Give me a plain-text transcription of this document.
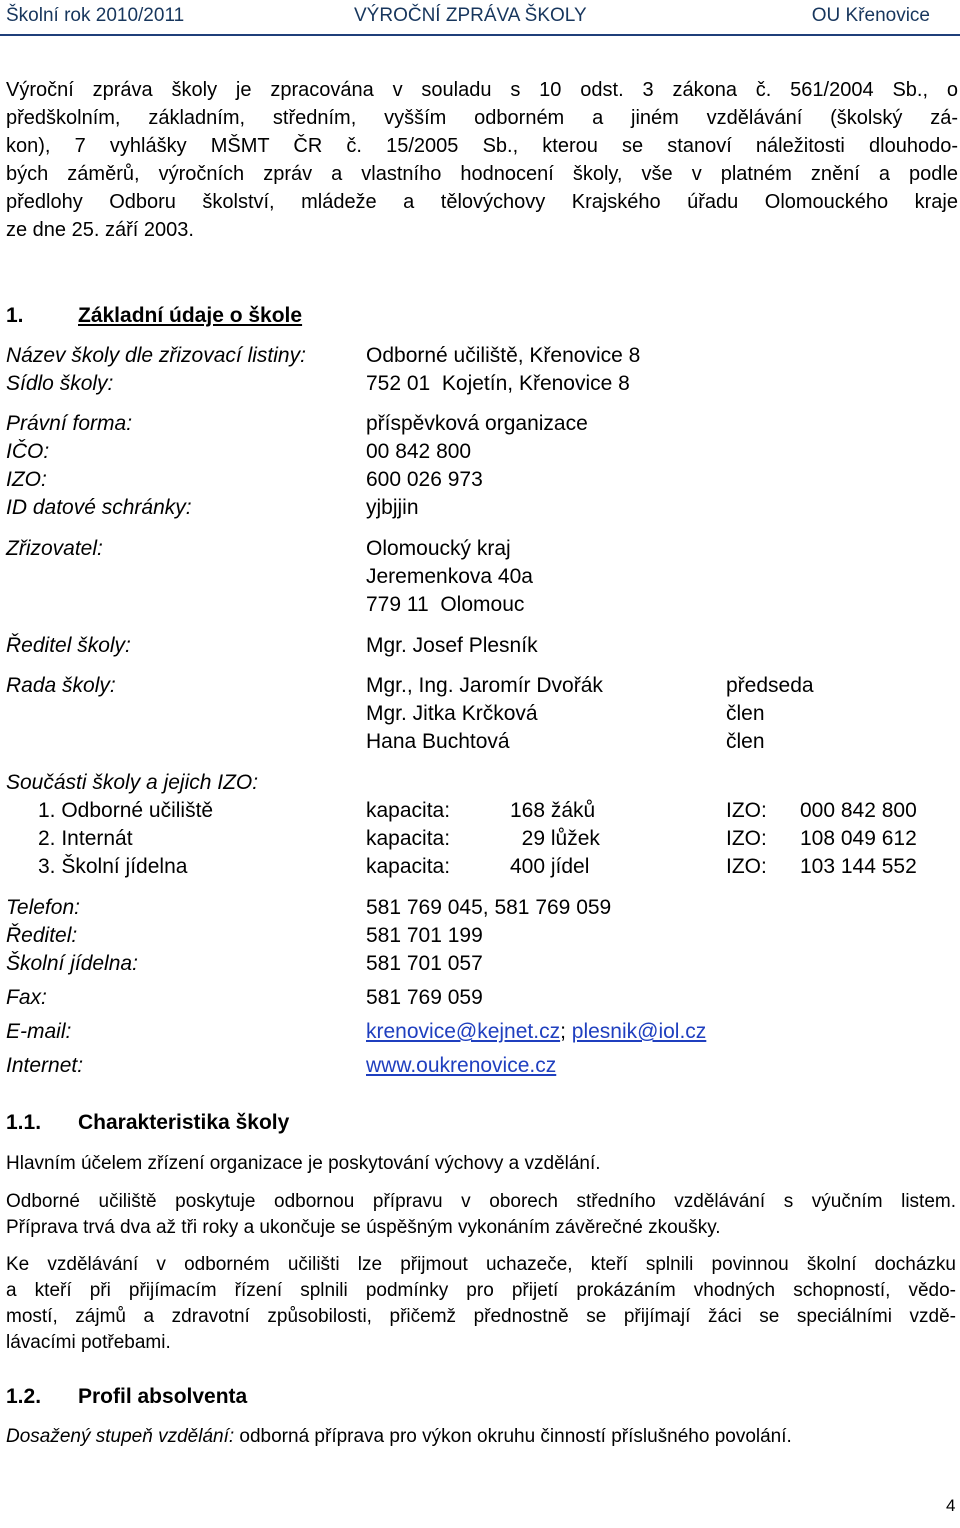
Školní rok 2010/2011	VÝROČNÍ ZPRÁVA ŠKOLY	OU Křenovice
Výroční zpráva školy je zpracována v souladu s 10 odst. 3 zákona č. 561/2004 Sb., o
předškolním, základním, středním, vyšším odborném a jiném vzdělávání (školský zá-
kon), 7 vyhlášky MŠMT ČR č. 15/2005 Sb., kterou se stanoví náležitosti dlouhodo-
bých záměrů, výročních zpráv a vlastního hodnocení školy, vše v platném znění a podle
předlohy Odboru školství, mládeže a tělovýchovy Krajského úřadu Olomouckého kraje
ze dne 25. září 2003.
1.	Základní údaje o škole
Název školy dle zřizovací listiny:	Odborné učiliště, Křenovice 8
Sídlo školy:	752 01  Kojetín, Křenovice 8
Právní forma:	příspěvková organizace
IČO:	00 842 800
IZO:	600 026 973
ID datové schránky:	yjbjjin
Zřizovatel:	Olomoucký kraj
Jeremenkova 40a
779 11  Olomouc
Ředitel školy:	Mgr. Josef Plesník
Rada školy:	Mgr., Ing. Jaromír Dvořák	předseda
Mgr. Jitka Krčková	člen
Hana Buchtová	člen
Součásti školy a jejich IZO:
1. Odborné učiliště	kapacita:	168 žáků	IZO: 000 842 800
2. Internát	kapacita:	29 lůžek	IZO: 108 049 612
3. Školní jídelna	kapacita:	400 jídel	IZO: 103 144 552
Telefon:	581 769 045, 581 769 059
Ředitel:	581 701 199
Školní jídelna:	581 701 057
Fax:	581 769 059
E-mail:	krenovice@kejnet.cz; plesnik@iol.cz
Internet:	www.oukrenovice.cz
1.1. Charakteristika školy

Hlavním účelem zřízení organizace je poskytování výchovy a vzdělání.

Odborné učiliště poskytuje odbornou přípravu v oborech středního vzdělávání s výučním listem.
Příprava trvá dva až tři roky a ukončuje se úspěšným vykonáním závěrečné zkoušky.

Ke vzdělávání v odborném učilišti lze přijmout uchazeče, kteří splnili povinnou školní docházku
a kteří při přijímacím řízení splnili podmínky pro přijetí prokázáním vhodných schopností, vědo-
mostí, zájmů a zdravotní způsobilosti, přičemž přednostně se přijímají žáci se speciálními vzdě-
lávacími potřebami.

1.2. Profil absolventa
Dosažený stupeň vzdělání: odborná příprava pro výkon okruhu činností příslušného povolání.
4
